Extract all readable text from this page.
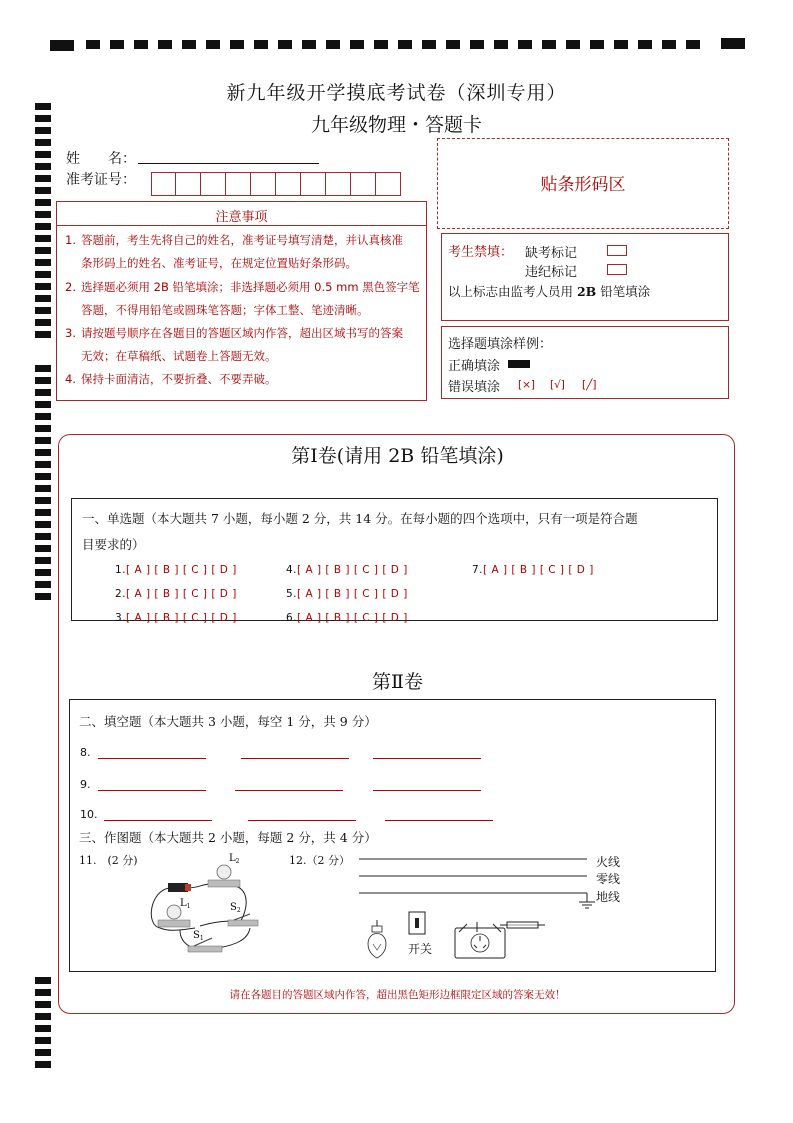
新九年级开学摸底考试卷（深圳专用）
九年级物理・答题卡
姓　　名：
准考证号：	贴条形码区
注意事项
1. 答题前，考生先将自己的姓名，准考证号填写清楚，并认真核准
条形码上的姓名、准考证号，在规定位置贴好条形码。
2. 选择题必须用 2B 铅笔填涂；非选择题必须用 0.5 mm 黑色签字笔
答题，不得用铅笔或圆珠笔答题；字体工整、笔迹清晰。
3. 请按题号顺序在各题目的答题区域内作答，超出区域书写的答案
无效；在草稿纸、试题卷上答题无效。
4. 保持卡面清洁，不要折叠、不要弄破。
考生禁填： 缺考标记
违纪标记
以上标志由监考人员用 2B 铅笔填涂
选择题填涂样例：
正确填涂
错误填涂 [×] [√] [╱]
第Ⅰ卷(请用 2B 铅笔填涂)
一、单选题（本大题共 7 小题，每小题 2 分，共 14 分。在每小题的四个选项中，只有一项是符合题
目要求的）
1.[ A ] [ B ] [ C ] [ D ]
2.[ A ] [ B ] [ C ] [ D ]
3.[ A ] [ B ] [ C ] [ D ]
4.[ A ] [ B ] [ C ] [ D ]
5.[ A ] [ B ] [ C ] [ D ]
6.[ A ] [ B ] [ C ] [ D ]
7.[ A ] [ B ] [ C ] [ D ]
第Ⅱ卷
二、填空题（本大题共 3 小题，每空 1 分，共 9 分）
8.
9.
10.
三、作图题（本大题共 2 小题，每题 2 分，共 4 分）
11.　(2 分)	12.（2 分）
$L_2$
$L_1$	$S_2$
$S_1$
火线
零线
地线
开关
请在各题目的答题区域内作答，超出黑色矩形边框限定区域的答案无效！
